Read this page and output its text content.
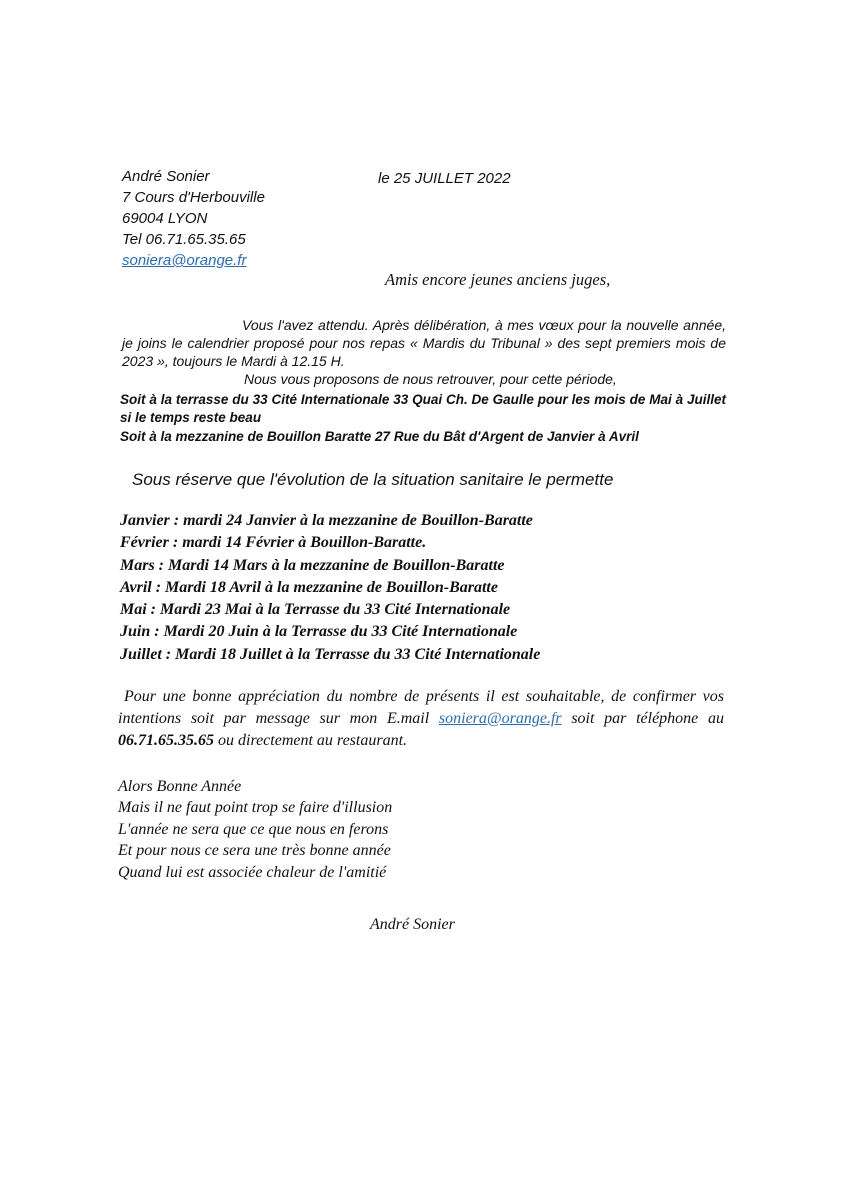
André Sonier
7 Cours d'Herbouville
69004 LYON
Tel 06.71.65.35.65
soniera@orange.fr
le 25 JUILLET 2022
Amis encore jeunes anciens juges,
Vous l'avez attendu. Après délibération, à mes vœux pour la nouvelle année, je joins le calendrier proposé pour nos repas « Mardis du Tribunal » des sept premiers mois de 2023 », toujours le Mardi à 12.15 H.
Nous vous proposons de nous retrouver, pour cette période,
Soit à la terrasse du 33 Cité Internationale 33 Quai Ch. De Gaulle pour les mois de Mai à Juillet si le temps reste beau
Soit à la mezzanine de Bouillon Baratte 27 Rue du Bât d'Argent de Janvier à Avril
Sous réserve que l'évolution de la situation sanitaire le permette
Janvier : mardi 24 Janvier à la mezzanine de Bouillon-Baratte
Février : mardi 14 Février à Bouillon-Baratte.
Mars : Mardi 14 Mars à la mezzanine de Bouillon-Baratte
Avril : Mardi 18 Avril à la mezzanine de Bouillon-Baratte
Mai : Mardi 23 Mai à la Terrasse du 33 Cité Internationale
Juin : Mardi 20 Juin à la Terrasse du 33 Cité Internationale
Juillet : Mardi 18 Juillet à la Terrasse du 33 Cité Internationale
Pour une bonne appréciation du nombre de présents il est souhaitable, de confirmer vos intentions soit par message sur mon E.mail soniera@orange.fr soit par téléphone au 06.71.65.35.65 ou directement au restaurant.
Alors Bonne Année
Mais il ne faut point trop se faire d'illusion
L'année ne sera que ce que nous en ferons
Et pour nous ce sera une très bonne année
Quand lui est associée chaleur de l'amitié
André Sonier
